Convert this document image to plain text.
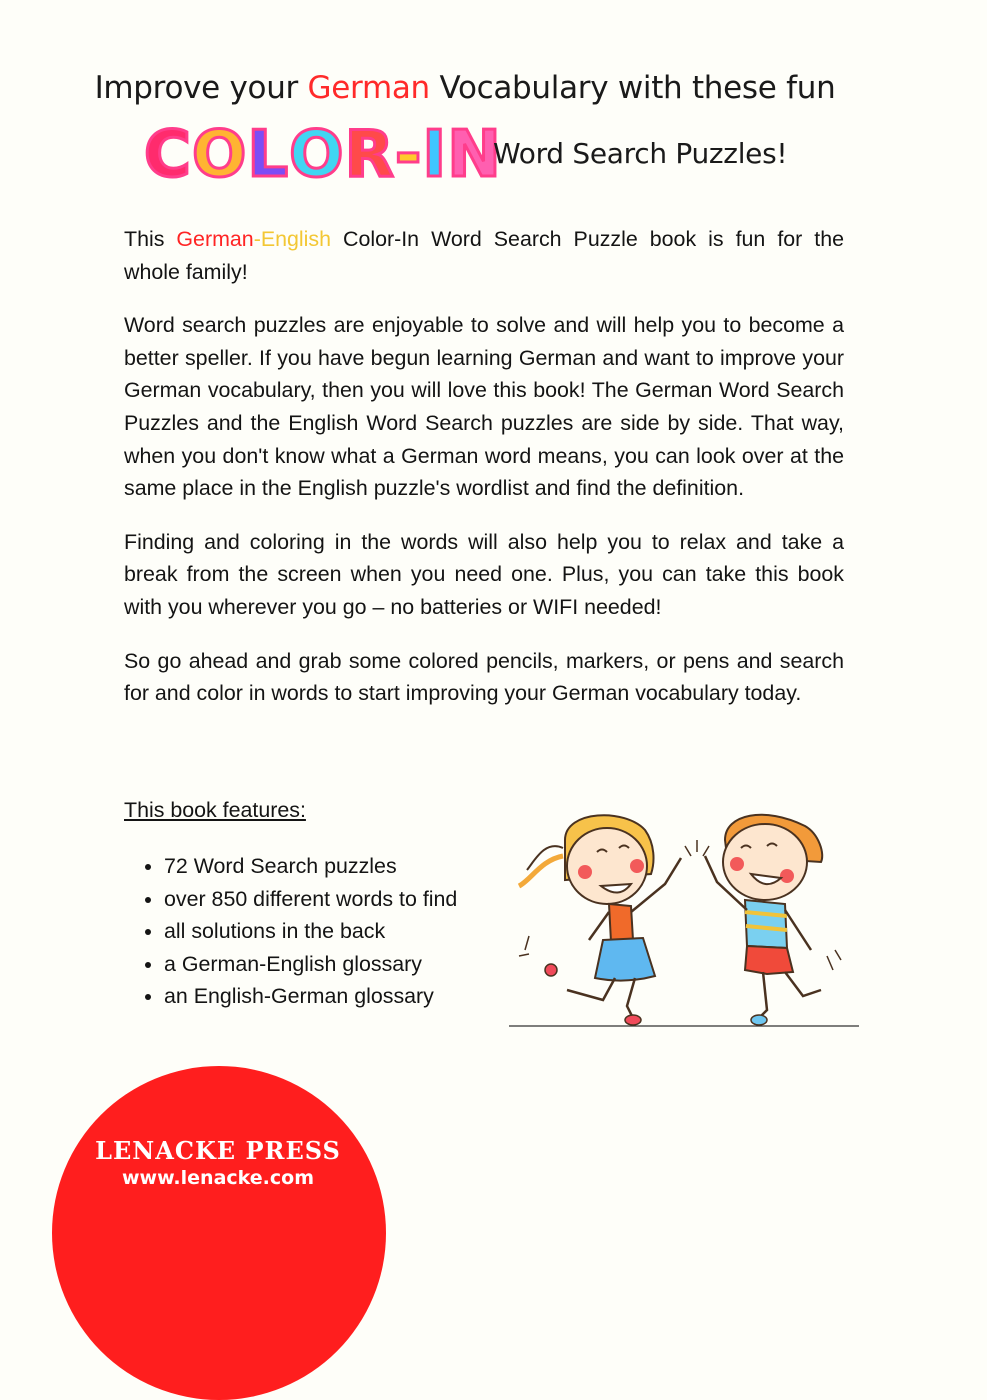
Improve your German Vocabulary with these fun
COLOR-IN
Word Search Puzzles!

This German-English Color-In Word Search Puzzle book is fun for the whole family!

Word search puzzles are enjoyable to solve and will help you to become a better speller. If you have begun learning German and want to improve your German vocabulary, then you will love this book! The German Word Search Puzzles and the English Word Search puzzles are side by side. That way, when you don't know what a German word means, you can look over at the same place in the English puzzle's wordlist and find the definition.

Finding and coloring in the words will also help you to relax and take a break from the screen when you need one. Plus, you can take this book with you wherever you go – no batteries or WIFI needed!

So go ahead and grab some colored pencils, markers, or pens and search for and color in words to start improving your German vocabulary today.

This book features:
• 72 Word Search puzzles
• over 850 different words to find
• all solutions in the back
• a German-English glossary
• an English-German glossary
LENACKE PRESS
www.lenacke.com
